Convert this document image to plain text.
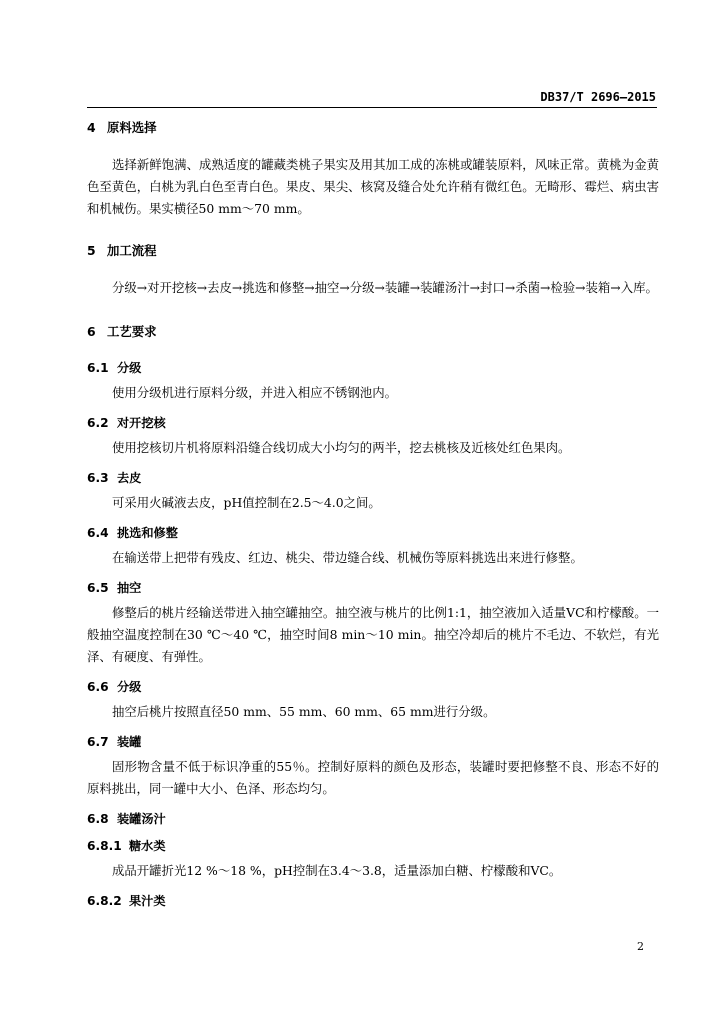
DB37/T 2696—2015
4 原料选择

选择新鲜饱满、成熟适度的罐藏类桃子果实及用其加工成的冻桃或罐装原料，风味正常。黄桃为金黄色至黄色，白桃为乳白色至青白色。果皮、果尖、核窝及缝合处允许稍有微红色。无畸形、霉烂、病虫害和机械伤。果实横径50 mm～70 mm。

5 加工流程

分级→对开挖核→去皮→挑选和修整→抽空→分级→装罐→装罐汤汁→封口→杀菌→检验→装箱→入库。

6 工艺要求
6.1 分级

使用分级机进行原料分级，并进入相应不锈钢池内。

6.2 对开挖核

使用挖核切片机将原料沿缝合线切成大小均匀的两半，挖去桃核及近核处红色果肉。

6.3 去皮

可采用火碱液去皮，pH值控制在2.5～4.0之间。

6.4 挑选和修整

在输送带上把带有残皮、红边、桃尖、带边缝合线、机械伤等原料挑选出来进行修整。

6.5 抽空

修整后的桃片经输送带进入抽空罐抽空。抽空液与桃片的比例1:1，抽空液加入适量VC和柠檬酸。一般抽空温度控制在30 ℃～40 ℃，抽空时间8 min～10 min。抽空冷却后的桃片不毛边、不软烂，有光泽、有硬度、有弹性。

6.6 分级

抽空后桃片按照直径50 mm、55 mm、60 mm、65 mm进行分级。

6.7 装罐

固形物含量不低于标识净重的55％。控制好原料的颜色及形态，装罐时要把修整不良、形态不好的原料挑出，同一罐中大小、色泽、形态均匀。

6.8 装罐汤汁
6.8.1 糖水类

成品开罐折光12 %～18 %，pH控制在3.4～3.8，适量添加白糖、柠檬酸和VC。

6.8.2 果汁类
2
